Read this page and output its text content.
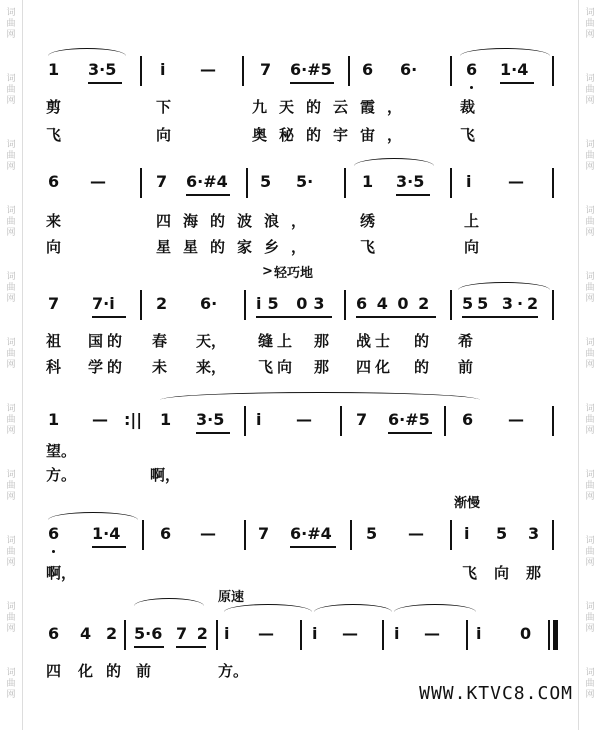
词
曲
网
词
曲
网
词
曲
网
词
曲
网
词
曲
网
词
曲
网
词
曲
网
词
曲
网
词
曲
网
词
曲
网
词
曲
网
词
曲
网
词
曲
网
词
曲
网
词
曲
网
词
曲
网
词
曲
网
词
曲
网
词
曲
网
词
曲
网
词
曲
网
词
曲
网
1 3·5	i —	7 6·#5 6 6·	6 1·4
剪	下	九天的云霞，	裁
飞	向	奥秘的宇宙，	飞
6 —	7 6·#4 5 5·	1 3·5	i —
来	四海的波浪，	绣	上
向	星星的家乡，	飞	向
> 轻巧地
7 7·i	2 6· i5 03 6 4 0 2 55 3·2
祖 国的 春 天， 缝上 那 战士 的 希
科 学的 未 来， 飞向 那 四化 的 前
1 — :|| 1 3·5 i —	7 6·#5 6 —
望。
方。	啊，
渐慢
6 1·4 6 —	7 6·#4 5 —	i 5 3
啊，	飞 向 那
原速
6 4 2 5·6 7 2 i — i — i — i 0
四 化 的 前	方。
WWW.KTVC8.COM
